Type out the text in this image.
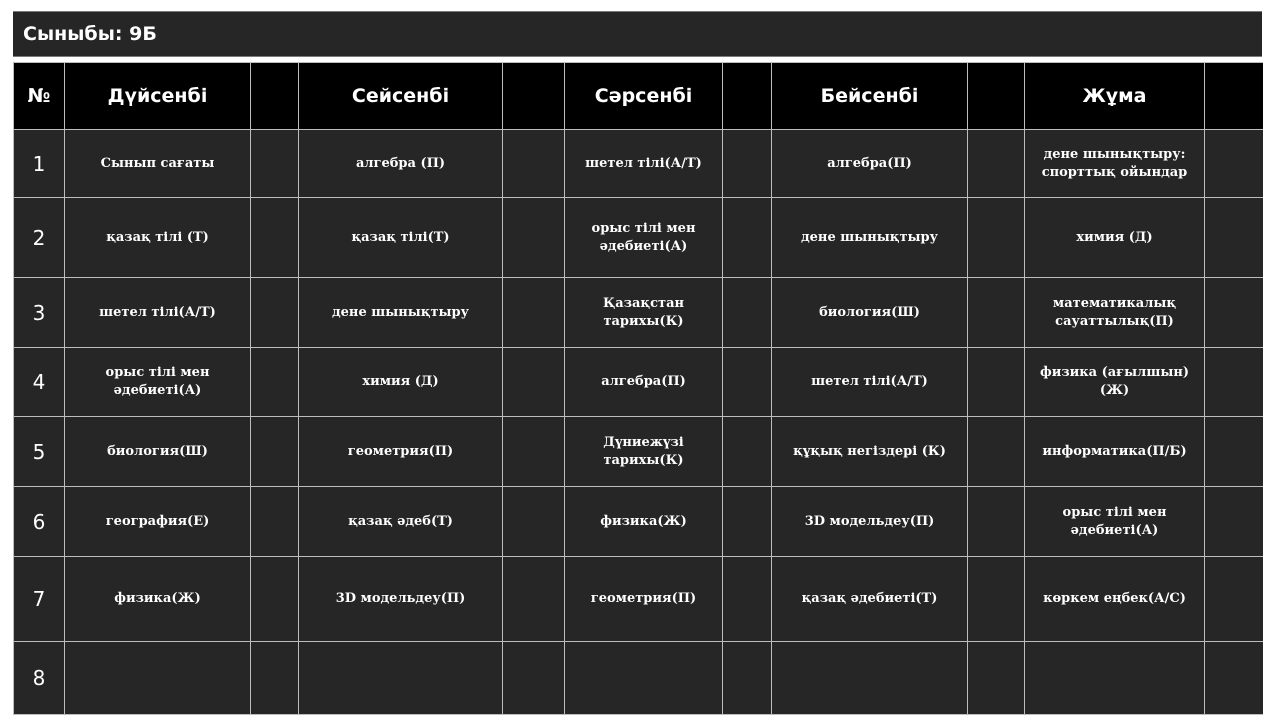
Сыныбы: 9Б
№	Дүйсенбі		Сейсенбі		Сәрсенбі		Бейсенбі		Жұма	
1	Сынып сағаты		алгебра (П)		шетел тілі(А/Т)		алгебра(П)		дене шынықтыру: спорттық ойындар	
2	қазақ тілі (Т)		қазақ тілі(Т)		орыс тілі мен әдебиеті(А)		дене шынықтыру		химия (Д)	
3	шетел тілі(А/Т)		дене шынықтыру		Қазақстан тарихы(К)		биология(Ш)		математикалық сауаттылық(П)	
4	орыс тілі мен әдебиеті(А)		химия (Д)		алгебра(П)		шетел тілі(А/Т)		физика (ағылшын)(Ж)	
5	биология(Ш)		геометрия(П)		Дүниежүзі тарихы(К)		құқық негіздері (К)		информатика(П/Б)	
6	география(Е)		қазақ әдеб(Т)		физика(Ж)		3D модельдеу(П)		орыс тілі мен әдебиеті(А)	
7	физика(Ж)		3D модельдеу(П)		геометрия(П)		қазақ әдебиеті(Т)		көркем еңбек(А/С)	
8										
